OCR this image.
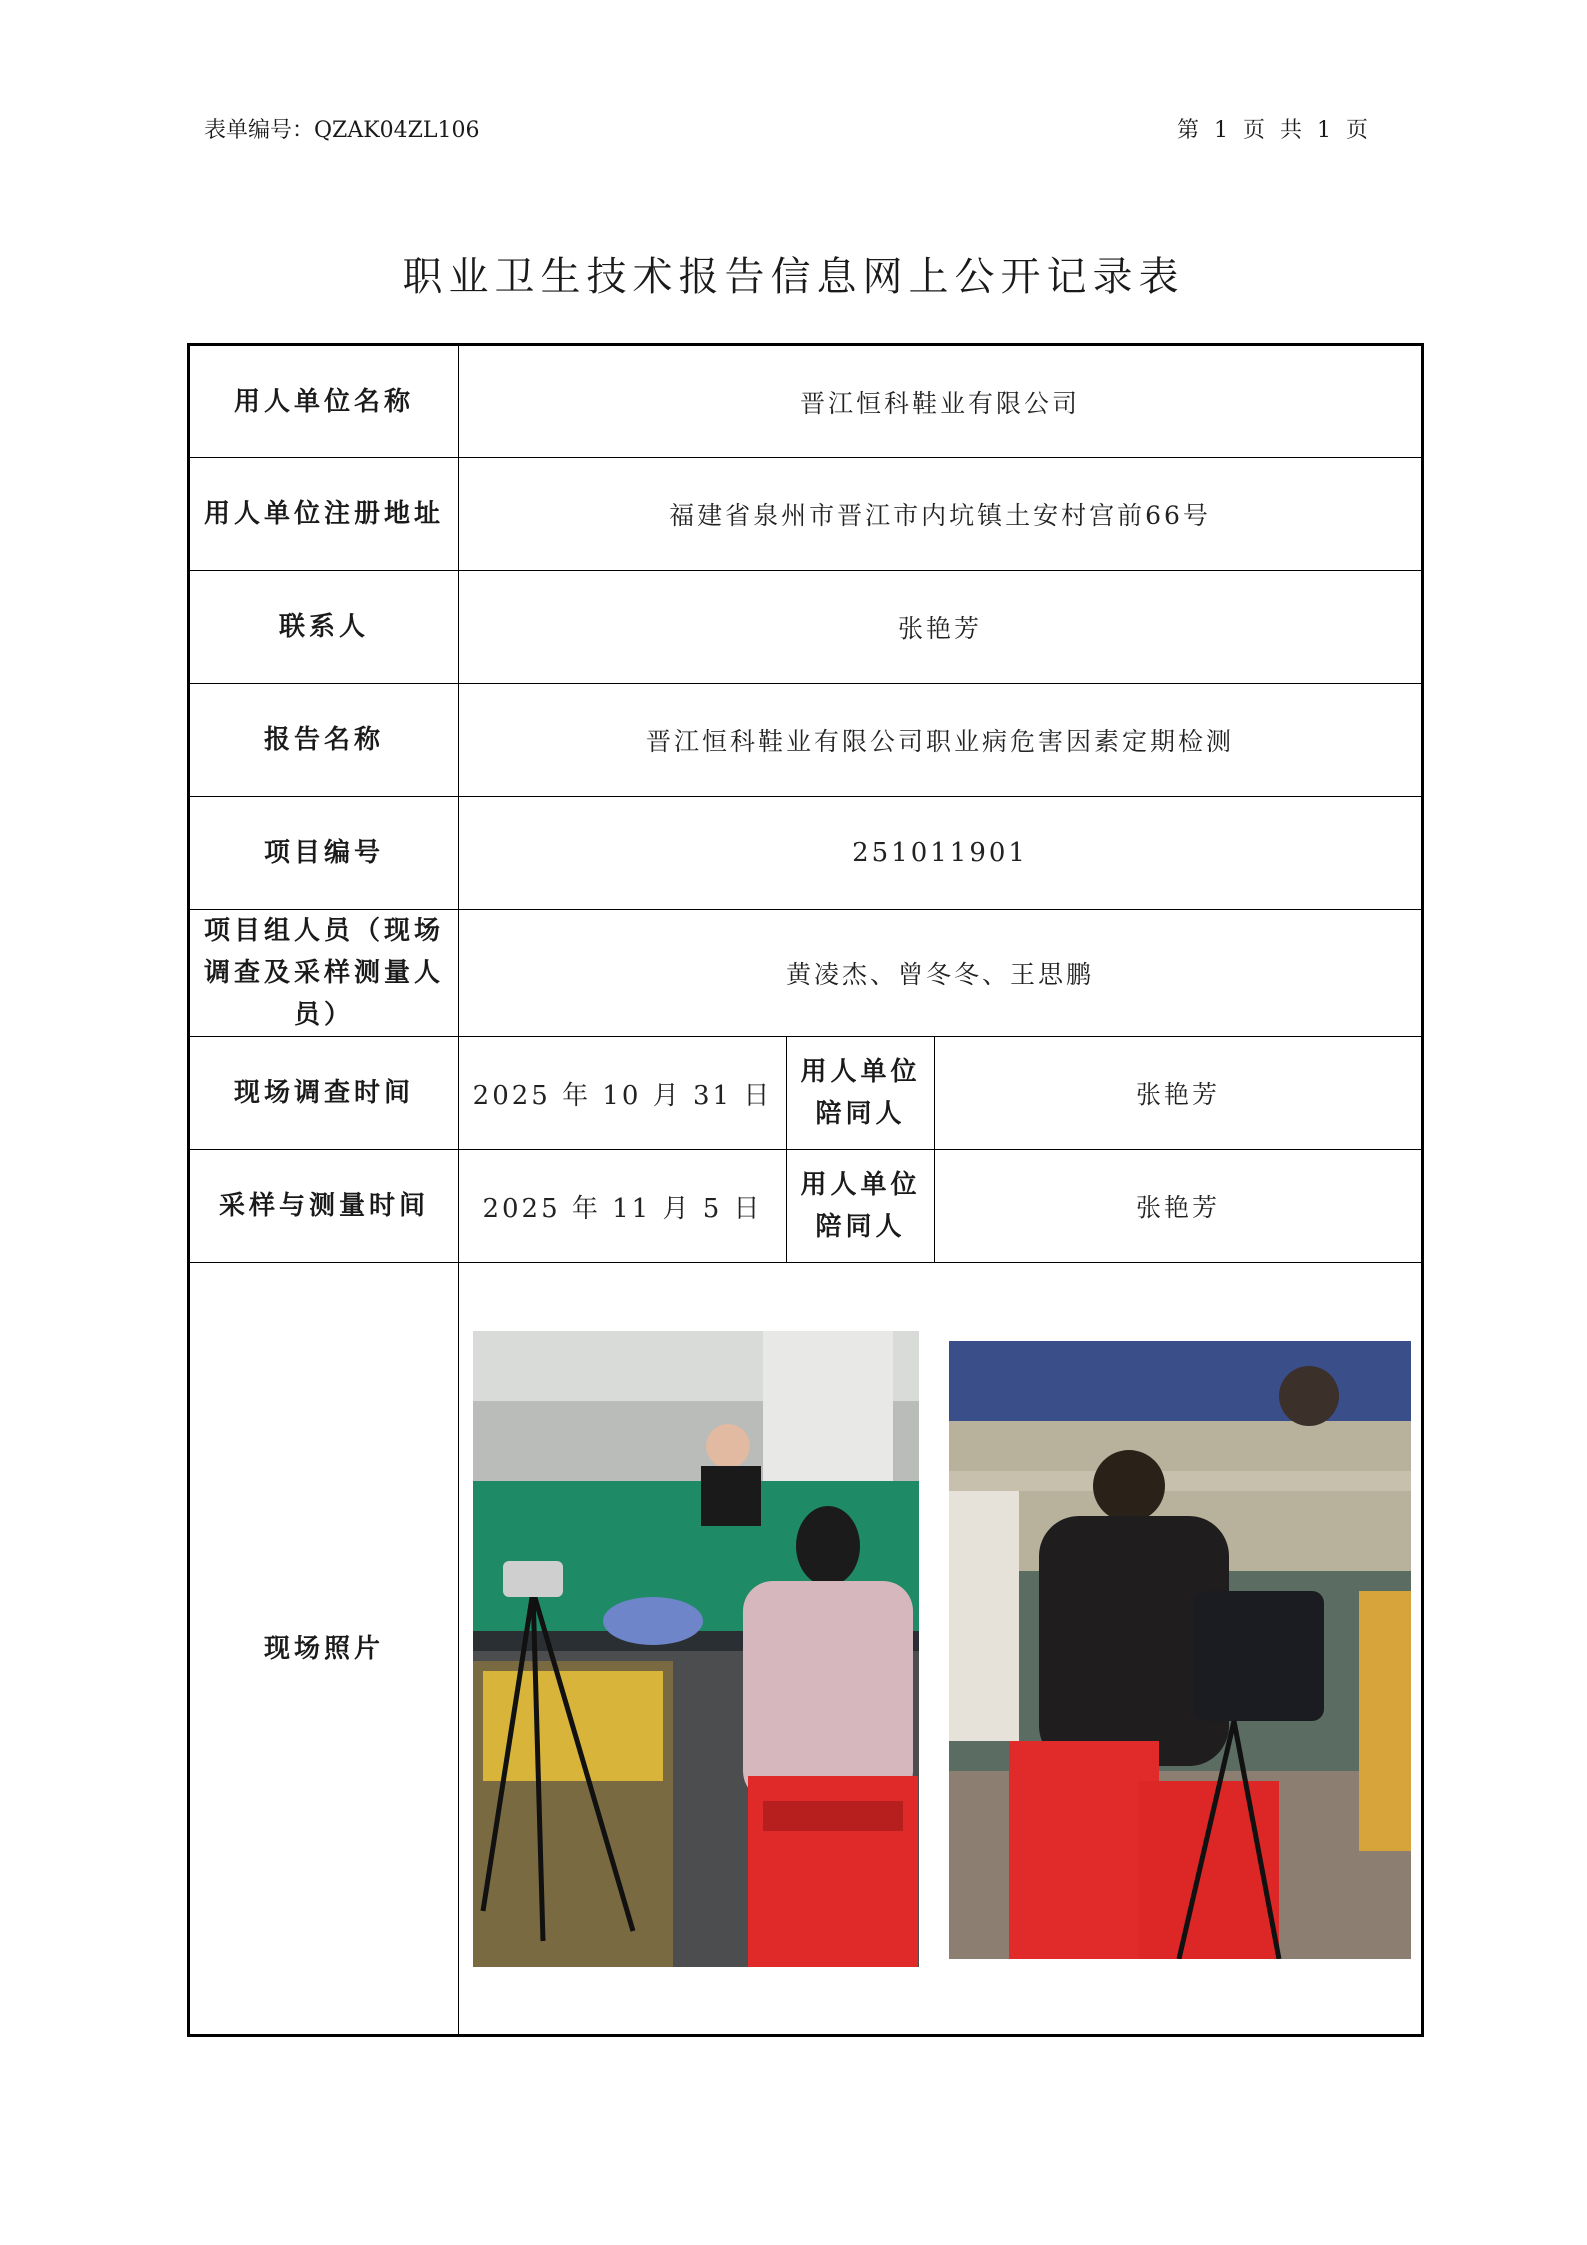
表单编号：QZAK04ZL106	第 1 页 共 1 页
职业卫生技术报告信息网上公开记录表
用人单位名称	晋江恒科鞋业有限公司		
用人单位注册地址	福建省泉州市晋江市内坑镇土安村宫前66号		
联系人	张艳芳		
报告名称	晋江恒科鞋业有限公司职业病危害因素定期检测		
项目编号	251011901		
项目组人员（现场调查及采样测量人员）	黄凌杰、曾冬冬、王思鹏		
现场调查时间	2025 年 10 月 31 日	用人单位陪同人	张艳芳
采样与测量时间	2025 年 11 月 5 日	用人单位陪同人	张艳芳
现场照片	
